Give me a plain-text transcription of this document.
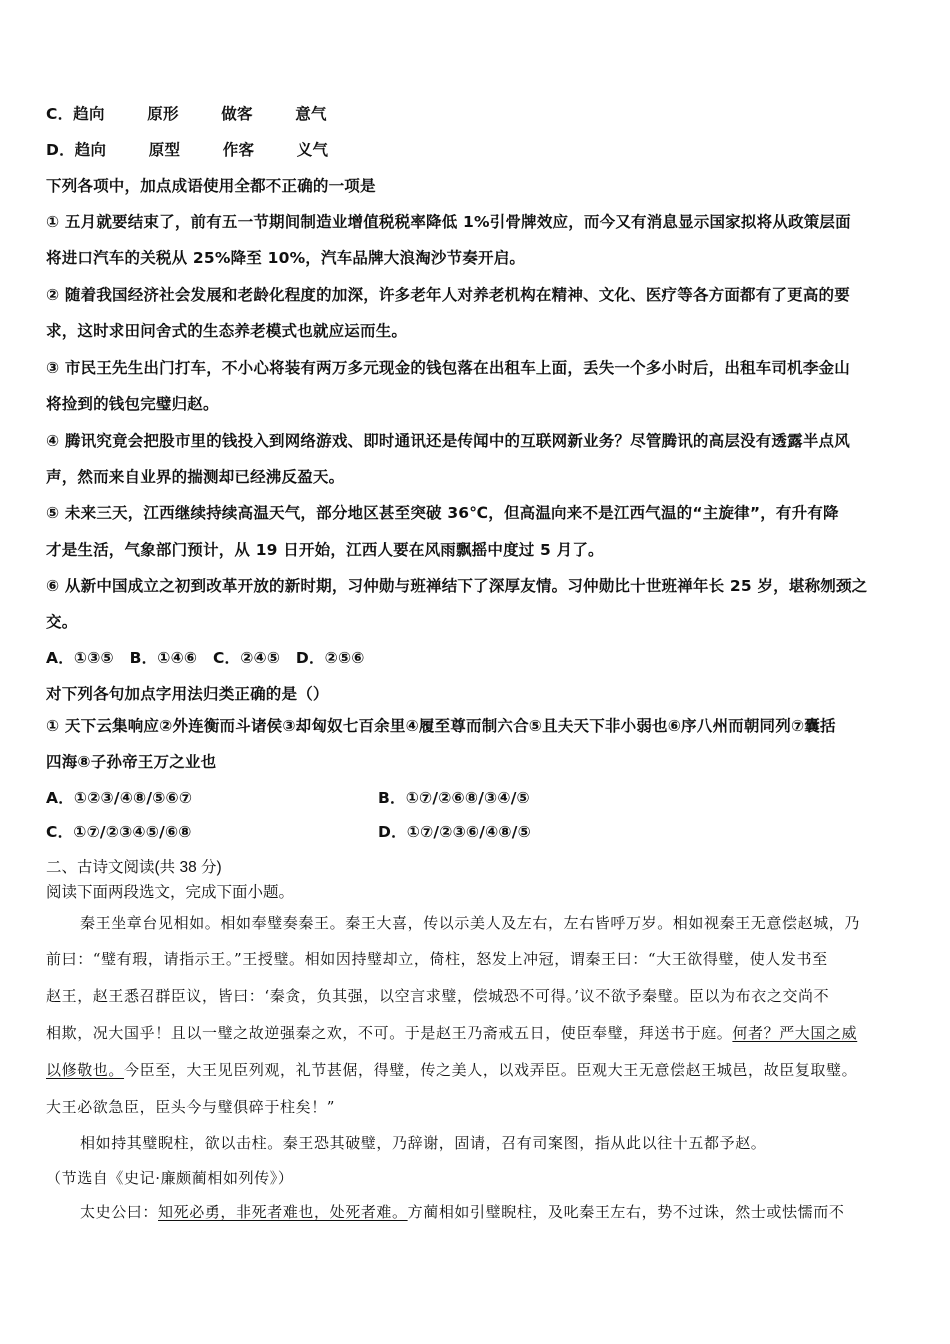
C．趋向	原形	做客	意气
D．趋向	原型	作客	义气
下列各项中，加点成语使用全都不正确的一项是
① 五月就要结束了，前有五一节期间制造业增值税税率降低 1%引骨牌效应，而今又有消息显示国家拟将从政策层面
将进口汽车的关税从 25%降至 10%，汽车品牌大浪淘沙节奏开启。
② 随着我国经济社会发展和老龄化程度的加深，许多老年人对养老机构在精神、文化、医疗等各方面都有了更高的要
求，这时求田问舍式的生态养老模式也就应运而生。
③ 市民王先生出门打车，不小心将装有两万多元现金的钱包落在出租车上面，丢失一个多小时后，出租车司机李金山
将捡到的钱包完璧归赵。
④ 腾讯究竟会把股市里的钱投入到网络游戏、即时通讯还是传闻中的互联网新业务？尽管腾讯的高层没有透露半点风
声，然而来自业界的揣测却已经沸反盈天。
⑤ 未来三天，江西继续持续高温天气，部分地区甚至突破 36℃，但高温向来不是江西气温的“主旋律”，有升有降
才是生活，气象部门预计，从 19 日开始，江西人要在风雨飘摇中度过 5 月了。
⑥ 从新中国成立之初到改革开放的新时期，习仲勋与班禅结下了深厚友情。习仲勋比十世班禅年长 25 岁，堪称刎颈之
交。
A．①③⑤　B．①④⑥　C．②④⑤　D．②⑤⑥
对下列各句加点字用法归类正确的是（）
① 天下云集响应②外连衡而斗诸侯③却匈奴七百余里④履至尊而制六合⑤且夫天下非小弱也⑥序八州而朝同列⑦囊括
四海⑧子孙帝王万之业也
A．①②③/④⑧/⑤⑥⑦	B．①⑦/②⑥⑧/③④/⑤
C．①⑦/②③④⑤/⑥⑧	D．①⑦/②③⑥/④⑧/⑤
二、古诗文阅读(共 38 分)
阅读下面两段选文，完成下面小题。
秦王坐章台见相如。相如奉璧奏秦王。秦王大喜，传以示美人及左右，左右皆呼万岁。相如视秦王无意偿赵城，乃
前曰：“璧有瑕，请指示王。”王授璧。相如因持璧却立，倚柱，怒发上冲冠，谓秦王曰：“大王欲得璧，使人发书至
赵王，赵王悉召群臣议，皆曰：‘秦贪，负其强，以空言求璧，偿城恐不可得。’议不欲予秦璧。臣以为布衣之交尚不
相欺，况大国乎！且以一璧之故逆强秦之欢，不可。于是赵王乃斋戒五日，使臣奉璧，拜送书于庭。何者？严大国之威
以修敬也。今臣至，大王见臣列观，礼节甚倨，得璧，传之美人，以戏弄臣。臣观大王无意偿赵王城邑，故臣复取璧。
大王必欲急臣，臣头今与璧俱碎于柱矣！”
相如持其璧睨柱，欲以击柱。秦王恐其破璧，乃辞谢，固请，召有司案图，指从此以往十五都予赵。
（节选自《史记·廉颇蔺相如列传》）
太史公曰：知死必勇，非死者难也，处死者难。方蔺相如引璧睨柱，及叱秦王左右，势不过诛，然士或怯懦而不
